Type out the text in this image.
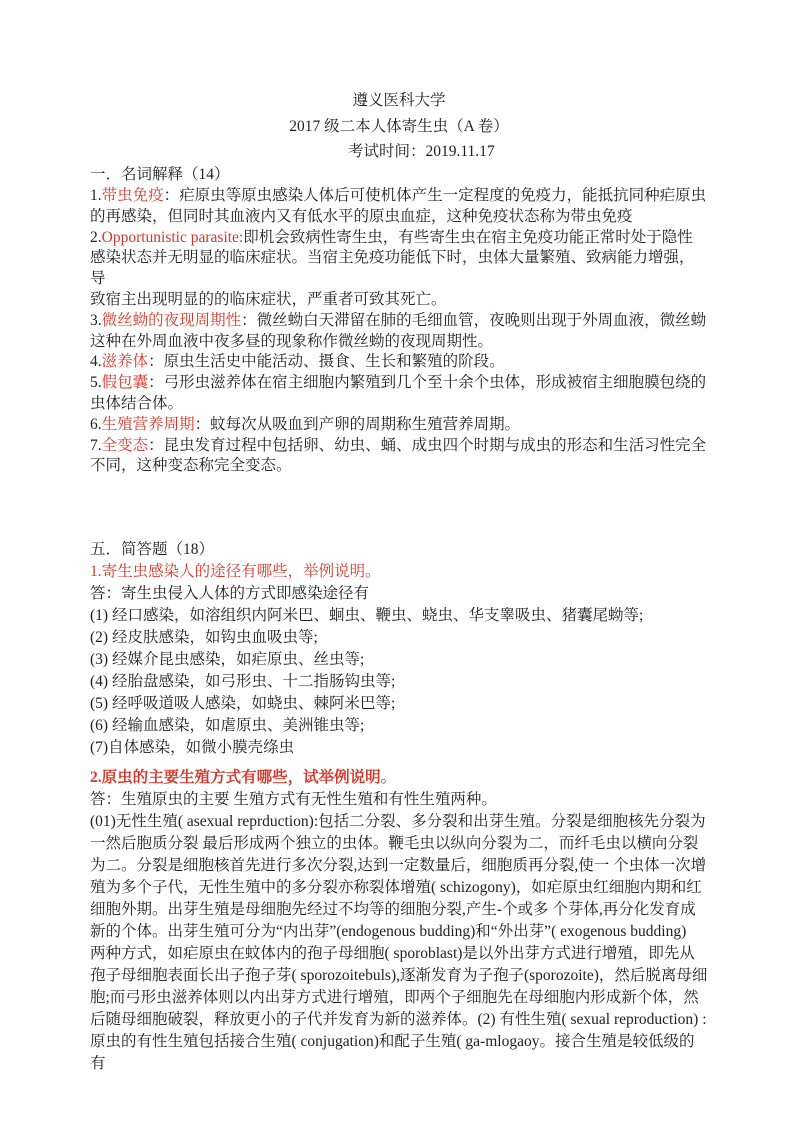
遵义医科大学
2017 级二本人体寄生虫（A 卷）
考试时间：2019.11.17
一．名词解释（14）
1.带虫免疫：疟原虫等原虫感染人体后可使机体产生一定程度的免疫力，能抵抗同种疟原虫
的再感染，但同时其血液内又有低水平的原虫血症，这种免疫状态称为带虫免疫
2.Opportunistic parasite:即机会致病性寄生虫，有些寄生虫在宿主免疫功能正常时处于隐性
感染状态并无明显的临床症状。当宿主免疫功能低下时，虫体大量繁殖、致病能力增强，导
致宿主出现明显的的临床症状，严重者可致其死亡。
3.微丝蚴的夜现周期性：微丝蚴白天滞留在肺的毛细血管，夜晚则出现于外周血液，微丝蚴
这种在外周血液中夜多昼的现象称作微丝蚴的夜现周期性。
4.滋养体：原虫生活史中能活动、摄食、生长和繁殖的阶段。
5.假包囊：弓形虫滋养体在宿主细胞内繁殖到几个至十余个虫体，形成被宿主细胞膜包绕的
虫体结合体。
6.生殖营养周期：蚊每次从吸血到产卵的周期称生殖营养周期。
7.全变态：昆虫发育过程中包括卵、幼虫、蛹、成虫四个时期与成虫的形态和生活习性完全
不同，这种变态称完全变态。
五．简答题（18）
1.寄生虫感染人的途径有哪些，举例说明。
答：寄生虫侵入人体的方式即感染途径有
(1) 经口感染，如溶组织内阿米巴、蛔虫、鞭虫、蛲虫、华支睾吸虫、猪囊尾蚴等;
(2) 经皮肤感染，如钩虫血吸虫等;
(3) 经媒介昆虫感染，如疟原虫、丝虫等;
(4) 经胎盘感染，如弓形虫、十二指肠钩虫等;
(5) 经呼吸道吸人感染，如蛲虫、棘阿米巴等;
(6) 经输血感染，如虐原虫、美洲锥虫等;
(7)自体感染，如微小膜壳绦虫
2.原虫的主要生殖方式有哪些，试举例说明。
答：生殖原虫的主要 生殖方式有无性生殖和有性生殖两种。
(01)无性生殖( asexual reprduction):包括二分裂、多分裂和出芽生殖。分裂是细胞核先分裂为
一然后胞质分裂 最后形成两个独立的虫体。鞭毛虫以纵向分裂为二，而纤毛虫以横向分裂
为二。分裂是细胞核首先进行多次分裂,达到一定数量后，细胞质再分裂,使一 个虫体一次增
殖为多个子代，无性生殖中的多分裂亦称裂体增殖( schizogony)，如疟原虫红细胞内期和红
细胞外期。出芽生殖是母细胞先经过不均等的细胞分裂,产生-个或多 个芽体,再分化发育成
新的个体。出芽生殖可分为“内出芽”(endogenous budding)和“外出芽”( exogenous budding)
两种方式，如疟原虫在蚊体内的孢子母细胞( sporoblast)是以外出芽方式进行增殖，即先从
孢子母细胞表面长出子孢子芽( sporozoitebuls),逐渐发育为子孢子(sporozoite)，然后脱离母细
胞;而弓形虫滋养体则以内出芽方式进行增殖，即两个子细胞先在母细胞内形成新个体，然
后随母细胞破裂，释放更小的子代并发育为新的滋养体。(2) 有性生殖( sexual reproduction) :
原虫的有性生殖包括接合生殖( conjugation)和配子生殖( ga-mlogaoy。接合生殖是较低级的有
